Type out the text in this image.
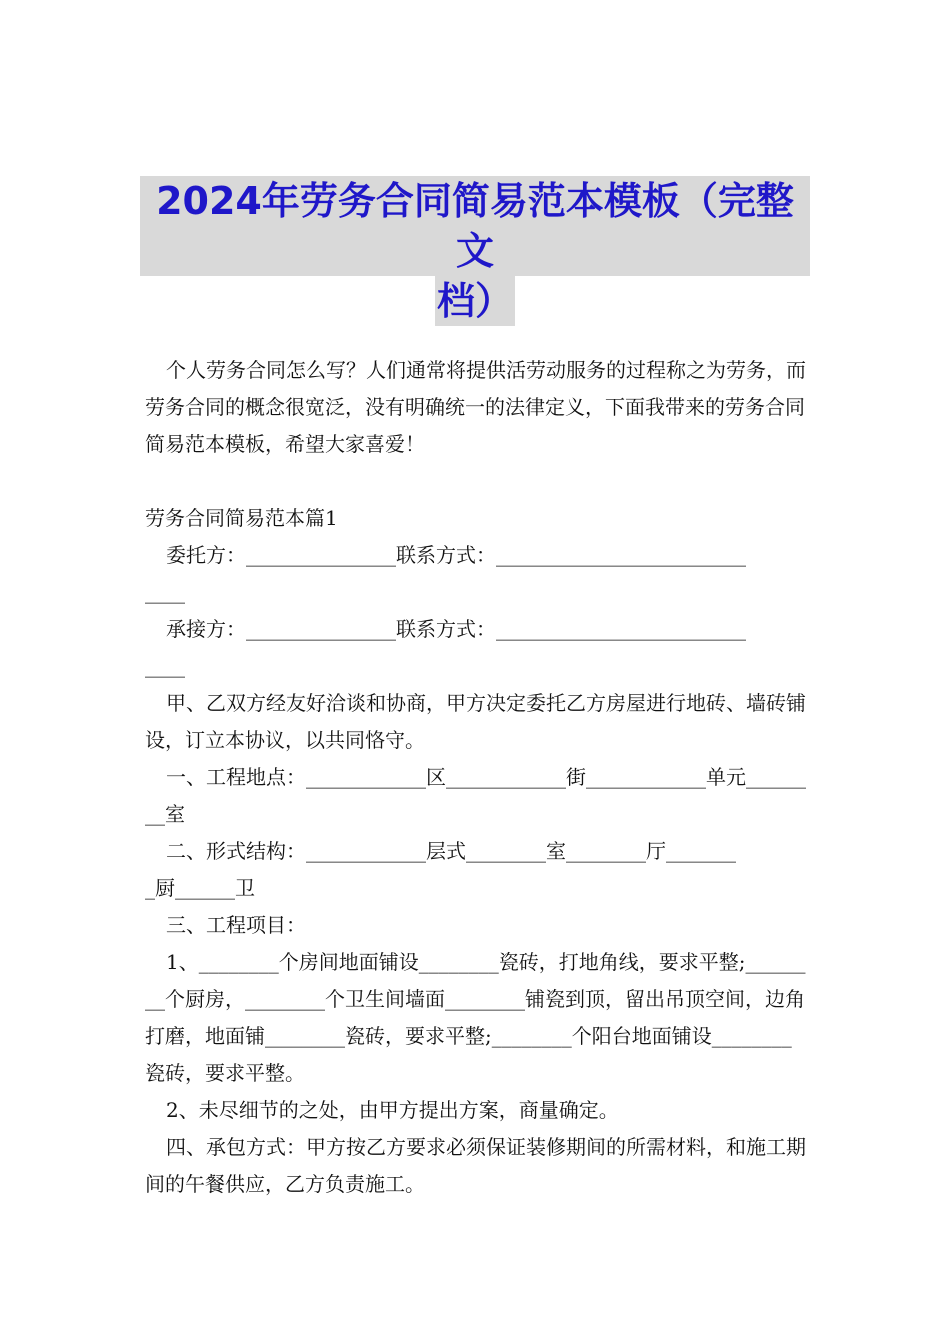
2024年劳务合同简易范本模板（完整文
档）

个人劳务合同怎么写？人们通常将提供活劳动服务的过程称之为劳务，而劳务合同的概念很宽泛，没有明确统一的法律定义，下面我带来的劳务合同简易范本模板，希望大家喜爱！

劳务合同简易范本篇1

委托方：_______________联系方式：_________________________

____

承接方：_______________联系方式：_________________________

____

甲、乙双方经友好洽谈和协商，甲方决定委托乙方房屋进行地砖、墙砖铺设，订立本协议，以共同恪守。

一、工程地点：____________区____________街____________单元________室

二、形式结构：____________层式________室________厅_______

_厨______卫

三、工程项目：

1、________个房间地面铺设________瓷砖，打地角线，要求平整;________个厨房，________个卫生间墙面________铺瓷到顶，留出吊顶空间，边角打磨，地面铺________瓷砖，要求平整;________个阳台地面铺设________瓷砖，要求平整。

2、未尽细节的之处，由甲方提出方案，商量确定。

四、承包方式：甲方按乙方要求必须保证装修期间的所需材料，和施工期间的午餐供应，乙方负责施工。
